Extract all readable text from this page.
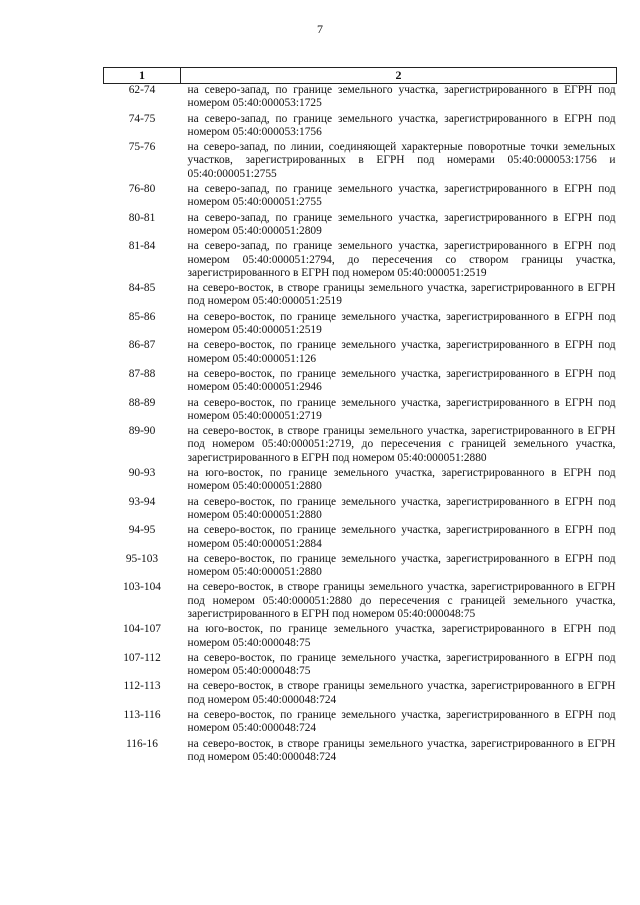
7
1	2
62-74	на северо-запад, по границе земельного участка, зарегистрированного в ЕГРН под номером 05:40:000053:1725
74-75	на северо-запад, по границе земельного участка, зарегистрированного в ЕГРН под номером 05:40:000053:1756
75-76	на северо-запад, по линии, соединяющей характерные поворотные точки земельных участков, зарегистрированных в ЕГРН под номерами 05:40:000053:1756 и 05:40:000051:2755
76-80	на северо-запад, по границе земельного участка, зарегистрированного в ЕГРН под номером 05:40:000051:2755
80-81	на северо-запад, по границе земельного участка, зарегистрированного в ЕГРН под номером 05:40:000051:2809
81-84	на северо-запад, по границе земельного участка, зарегистрированного в ЕГРН под номером 05:40:000051:2794, до пересечения со створом границы участка, зарегистрированного в ЕГРН под номером 05:40:000051:2519
84-85	на северо-восток, в створе границы земельного участка, зарегистрированного в ЕГРН под номером 05:40:000051:2519
85-86	на северо-восток, по границе земельного участка, зарегистрированного в ЕГРН под номером 05:40:000051:2519
86-87	на северо-восток, по границе земельного участка, зарегистрированного в ЕГРН под номером 05:40:000051:126
87-88	на северо-восток, по границе земельного участка, зарегистрированного в ЕГРН под номером 05:40:000051:2946
88-89	на северо-восток, по границе земельного участка, зарегистрированного в ЕГРН под номером 05:40:000051:2719
89-90	на северо-восток, в створе границы земельного участка, зарегистрированного в ЕГРН под номером 05:40:000051:2719, до пересечения с границей земельного участка, зарегистрированного в ЕГРН под номером 05:40:000051:2880
90-93	на юго-восток, по границе земельного участка, зарегистрированного в ЕГРН под номером 05:40:000051:2880
93-94	на северо-восток, по границе земельного участка, зарегистрированного в ЕГРН под номером 05:40:000051:2880
94-95	на северо-восток, по границе земельного участка, зарегистрированного в ЕГРН под номером 05:40:000051:2884
95-103	на северо-восток, по границе земельного участка, зарегистрированного в ЕГРН под номером 05:40:000051:2880
103-104	на северо-восток, в створе границы земельного участка, зарегистрированного в ЕГРН под номером 05:40:000051:2880 до пересечения с границей земельного участка, зарегистрированного в ЕГРН под номером 05:40:000048:75
104-107	на юго-восток, по границе земельного участка, зарегистрированного в ЕГРН под номером 05:40:000048:75
107-112	на северо-восток, по границе земельного участка, зарегистрированного в ЕГРН под номером 05:40:000048:75
112-113	на северо-восток, в створе границы земельного участка, зарегистрированного в ЕГРН под номером 05:40:000048:724
113-116	на северо-восток, по границе земельного участка, зарегистрированного в ЕГРН под номером 05:40:000048:724
116-16	на северо-восток, в створе границы земельного участка, зарегистрированного в ЕГРН под номером 05:40:000048:724
